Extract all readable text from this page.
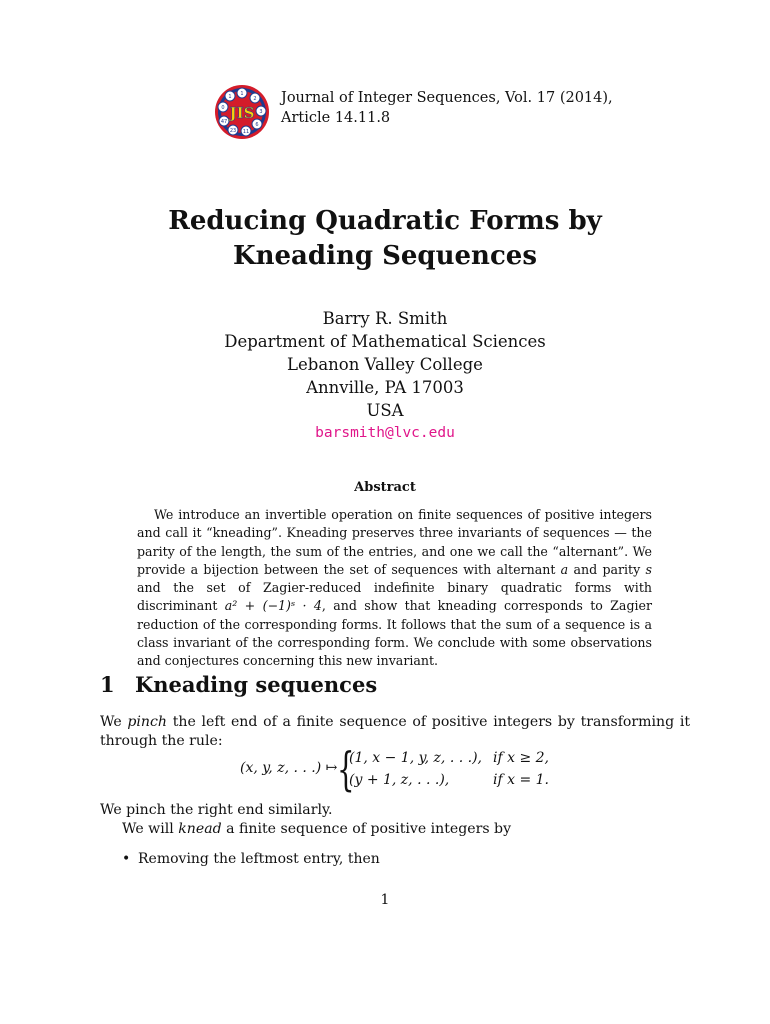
1
2
3
6
11
23
47
0
1
JIS
Journal of Integer Sequences, Vol. 17 (2014),
Article 14.11.8
Reducing Quadratic Forms by
Kneading Sequences
Barry R. Smith
Department of Mathematical Sciences
Lebanon Valley College
Annville, PA 17003
USA
barsmith@lvc.edu
Abstract
We introduce an invertible operation on finite sequences of positive integers and call it “kneading”. Kneading preserves three invariants of sequences — the parity of the length, the sum of the entries, and one we call the “alternant”. We provide a bijection between the set of sequences with alternant a and parity s and the set of Zagier-reduced indefinite binary quadratic forms with discriminant a² + (−1)ˢ · 4, and show that kneading corresponds to Zagier reduction of the corresponding forms. It follows that the sum of a sequence is a class invariant of the corresponding form. We conclude with some observations and conjectures concerning this new invariant.
1 Kneading sequences
We pinch the left end of a finite sequence of positive integers by transforming it through the rule:
(x, y, z, . . .) ↦ {
(1, x − 1, y, z, . . .), if x ≥ 2,
(y + 1, z, . . .),	if x = 1.
We pinch the right end similarly.
We will knead a finite sequence of positive integers by
• Removing the leftmost entry, then
1
